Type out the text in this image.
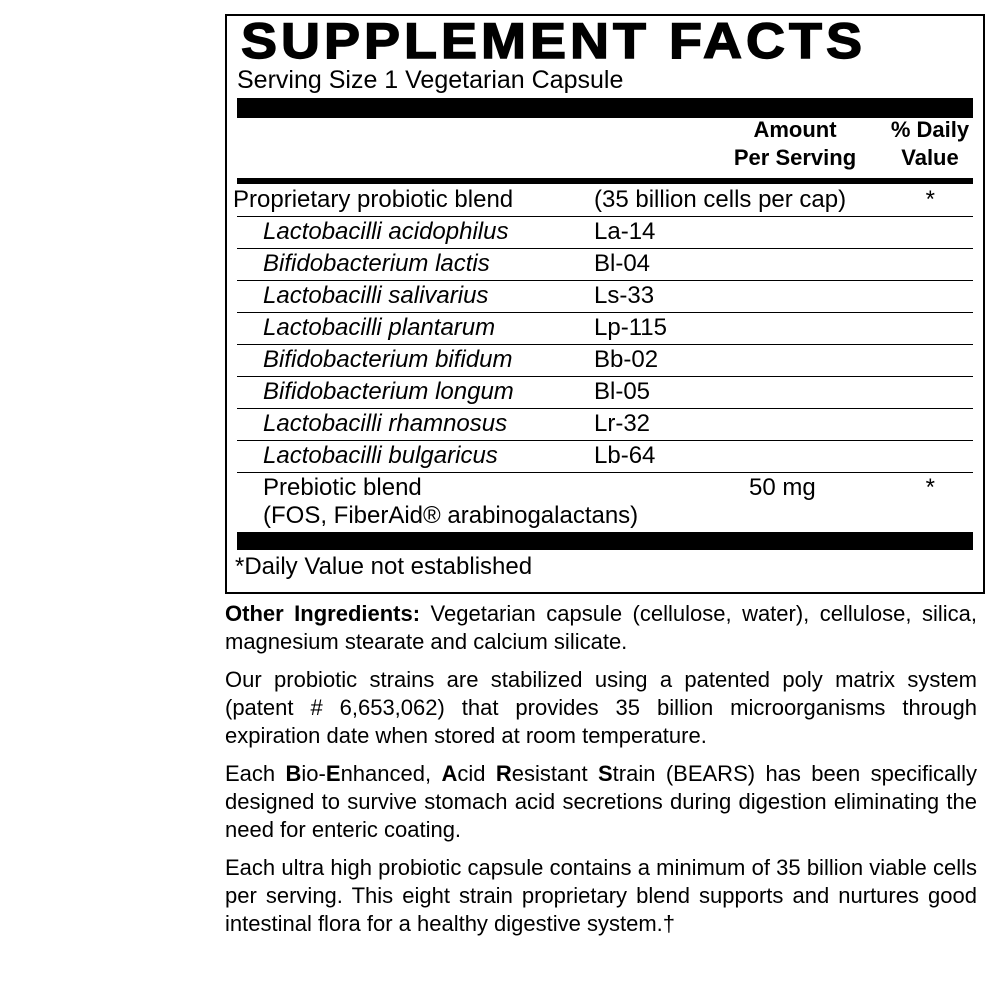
SUPPLEMENT FACTS
Serving Size 1 Vegetarian Capsule
Amount
Per Serving
% Daily
Value
Proprietary probiotic blend	(35 billion cells per cap)	*
Lactobacilli acidophilus	La-14
Bifidobacterium lactis	Bl-04
Lactobacilli salivarius	Ls-33
Lactobacilli plantarum	Lp-115
Bifidobacterium bifidum	Bb-02
Bifidobacterium longum	Bl-05
Lactobacilli rhamnosus	Lr-32
Lactobacilli bulgaricus	Lb-64
Prebiotic blend
(FOS, FiberAid® arabinogalactans)
50 mg	*
*Daily Value not established
Other Ingredients: Vegetarian capsule (cellulose, water), cellulose, silica, magnesium stearate and calcium silicate.
Our probiotic strains are stabilized using a patented poly matrix system (patent # 6,653,062) that provides 35 billion microorganisms through expiration date when stored at room temperature.
Each Bio-Enhanced, Acid Resistant Strain (BEARS) has been specifically designed to survive stomach acid secretions during digestion eliminating the need for enteric coating.
Each ultra high probiotic capsule contains a minimum of 35 billion viable cells per serving. This eight strain proprietary blend supports and nurtures good intestinal flora for a healthy digestive system.†
